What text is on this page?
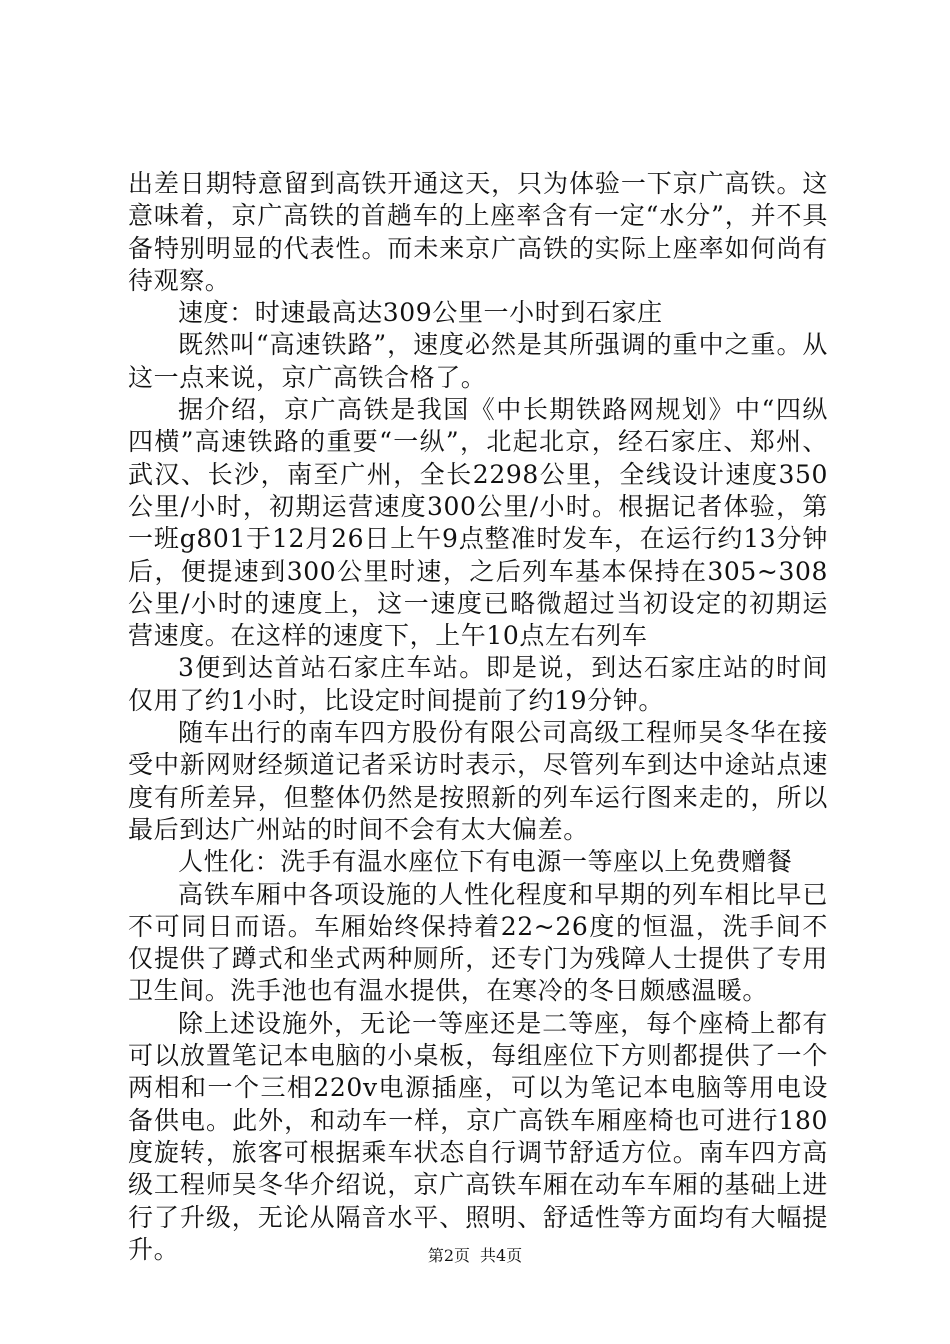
出差日期特意留到高铁开通这天，只为体验一下京广高铁。这意味着，京广高铁的首趟车的上座率含有一定“水分”，并不具备特别明显的代表性。而未来京广高铁的实际上座率如何尚有待观察。

速度：时速最高达309公里一小时到石家庄

既然叫“高速铁路”，速度必然是其所强调的重中之重。从这一点来说，京广高铁合格了。

据介绍，京广高铁是我国《中长期铁路网规划》中“四纵四横”高速铁路的重要“一纵”，北起北京，经石家庄、郑州、武汉、长沙，南至广州，全长2298公里，全线设计速度350公里/小时，初期运营速度300公里/小时。根据记者体验，第一班g801于12月26日上午9点整准时发车，在运行约13分钟后，便提速到300公里时速，之后列车基本保持在305~308公里/小时的速度上，这一速度已略微超过当初设定的初期运营速度。在这样的速度下，上午10点左右列车

3便到达首站石家庄车站。即是说，到达石家庄站的时间仅用了约1小时，比设定时间提前了约19分钟。

随车出行的南车四方股份有限公司高级工程师吴冬华在接受中新网财经频道记者采访时表示，尽管列车到达中途站点速度有所差异，但整体仍然是按照新的列车运行图来走的，所以最后到达广州站的时间不会有太大偏差。

人性化：洗手有温水座位下有电源一等座以上免费赠餐

高铁车厢中各项设施的人性化程度和早期的列车相比早已不可同日而语。车厢始终保持着22~26度的恒温，洗手间不仅提供了蹲式和坐式两种厕所，还专门为残障人士提供了专用卫生间。洗手池也有温水提供，在寒冷的冬日颇感温暖。

除上述设施外，无论一等座还是二等座，每个座椅上都有可以放置笔记本电脑的小桌板，每组座位下方则都提供了一个两相和一个三相220v电源插座，可以为笔记本电脑等用电设备供电。此外，和动车一样，京广高铁车厢座椅也可进行180度旋转，旅客可根据乘车状态自行调节舒适方位。南车四方高级工程师吴冬华介绍说，京广高铁车厢在动车车厢的基础上进行了升级，无论从隔音水平、照明、舒适性等方面均有大幅提升。	第2页 共4页
